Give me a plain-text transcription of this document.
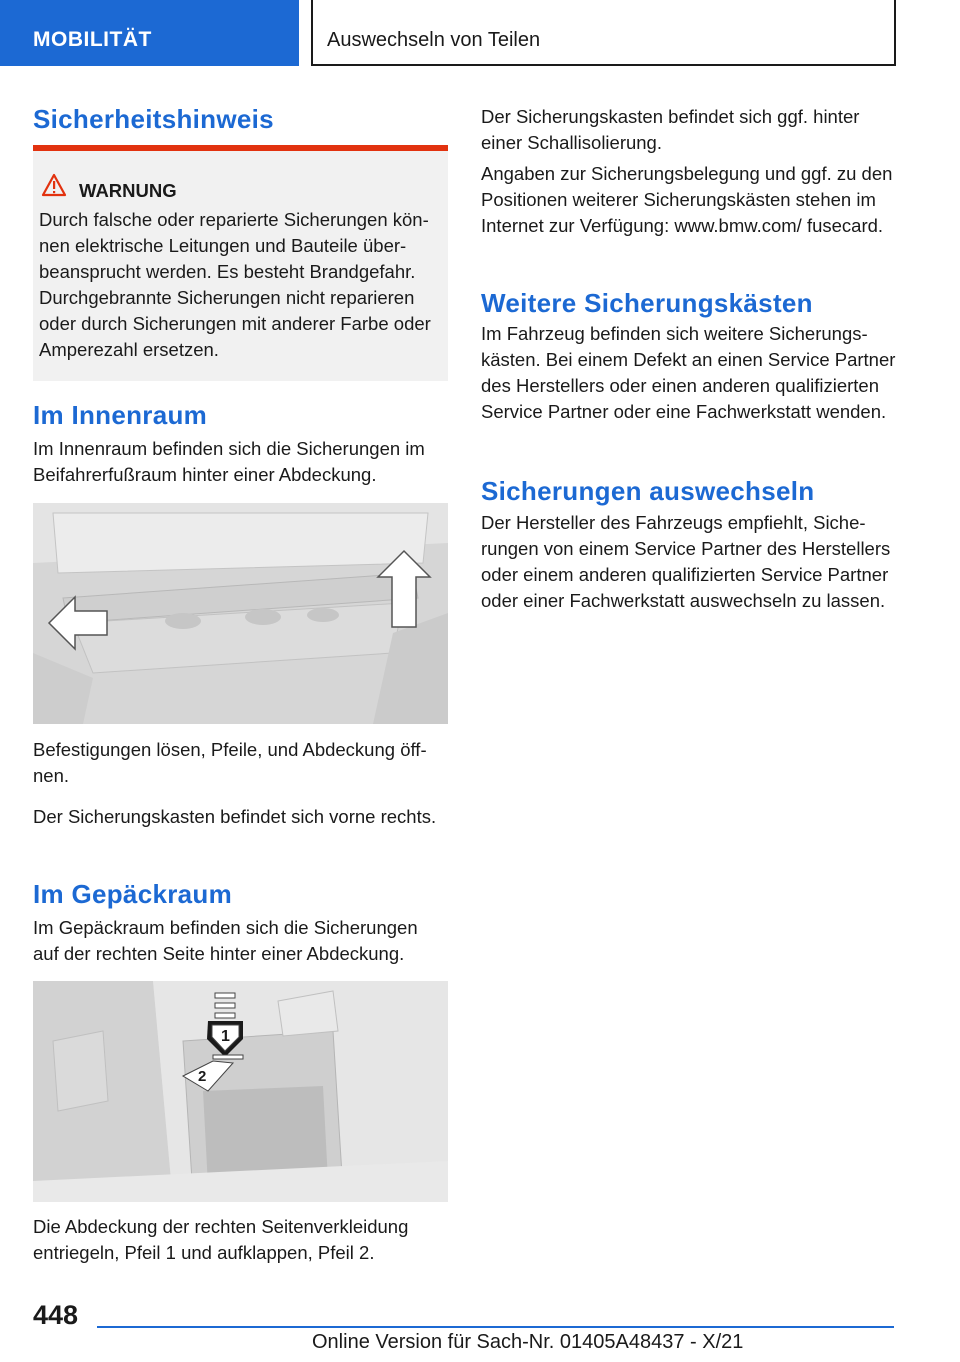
MOBILITÄT	Auswechseln von Teilen
Sicherheitshinweis
WARNUNG

Durch falsche oder reparierte Sicherungen können elektrische Leitungen und Bauteile überbeansprucht werden. Es besteht Brandgefahr. Durchgebrannte Sicherungen nicht reparieren oder durch Sicherungen mit anderer Farbe oder Amperezahl ersetzen.

Im Innenraum

Im Innenraum befinden sich die Sicherungen im Beifahrerfußraum hinter einer Abdeckung.

Befestigungen lösen, Pfeile, und Abdeckung öffnen.

Der Sicherungskasten befindet sich vorne rechts.

Im Gepäckraum

Im Gepäckraum befinden sich die Sicherungen auf der rechten Seite hinter einer Abdeckung.

1
2

Die Abdeckung der rechten Seitenverkleidung entriegeln, Pfeil 1 und aufklappen, Pfeil 2.

Der Sicherungskasten befindet sich ggf. hinter einer Schallisolierung.

Angaben zur Sicherungsbelegung und ggf. zu den Positionen weiterer Sicherungskästen stehen im Internet zur Verfügung: www.bmw.com/ fusecard.

Weitere Sicherungskästen

Im Fahrzeug befinden sich weitere Sicherungskästen. Bei einem Defekt an einen Service Partner des Herstellers oder einen anderen qualifizierten Service Partner oder eine Fachwerkstatt wenden.

Sicherungen auswechseln

Der Hersteller des Fahrzeugs empfiehlt, Sicherungen von einem Service Partner des Herstellers oder einem anderen qualifizierten Service Partner oder einer Fachwerkstatt auswechseln zu lassen.

448
Online Version für Sach-Nr. 01405A48437 - X/21
